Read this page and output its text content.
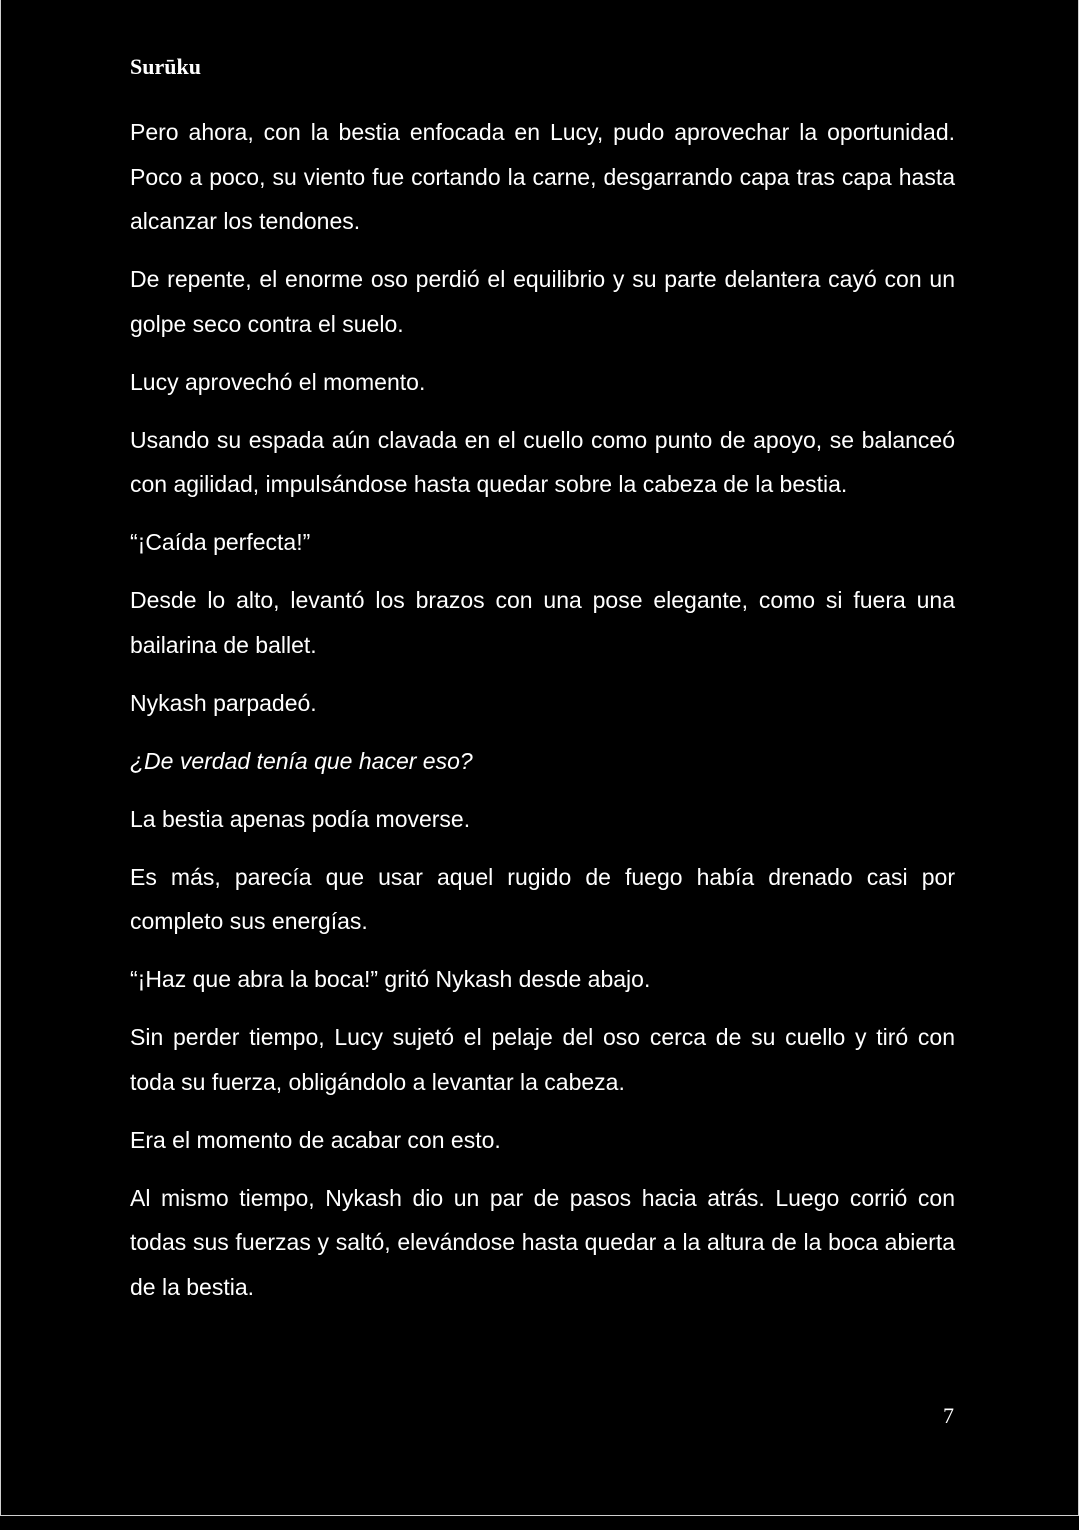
Surūku

Pero ahora, con la bestia enfocada en Lucy, pudo aprovechar la oportunidad. Poco a poco, su viento fue cortando la carne, desgarrando capa tras capa hasta alcanzar los tendones.

De repente, el enorme oso perdió el equilibrio y su parte delantera cayó con un golpe seco contra el suelo.

Lucy aprovechó el momento.

Usando su espada aún clavada en el cuello como punto de apoyo, se balanceó con agilidad, impulsándose hasta quedar sobre la cabeza de la bestia.

“¡Caída perfecta!”

Desde lo alto, levantó los brazos con una pose elegante, como si fuera una bailarina de ballet.

Nykash parpadeó.

¿De verdad tenía que hacer eso?

La bestia apenas podía moverse.

Es más, parecía que usar aquel rugido de fuego había drenado casi por completo sus energías.

“¡Haz que abra la boca!” gritó Nykash desde abajo.

Sin perder tiempo, Lucy sujetó el pelaje del oso cerca de su cuello y tiró con toda su fuerza, obligándolo a levantar la cabeza.

Era el momento de acabar con esto.

Al mismo tiempo, Nykash dio un par de pasos hacia atrás. Luego corrió con todas sus fuerzas y saltó, elevándose hasta quedar a la altura de la boca abierta de la bestia.

7
